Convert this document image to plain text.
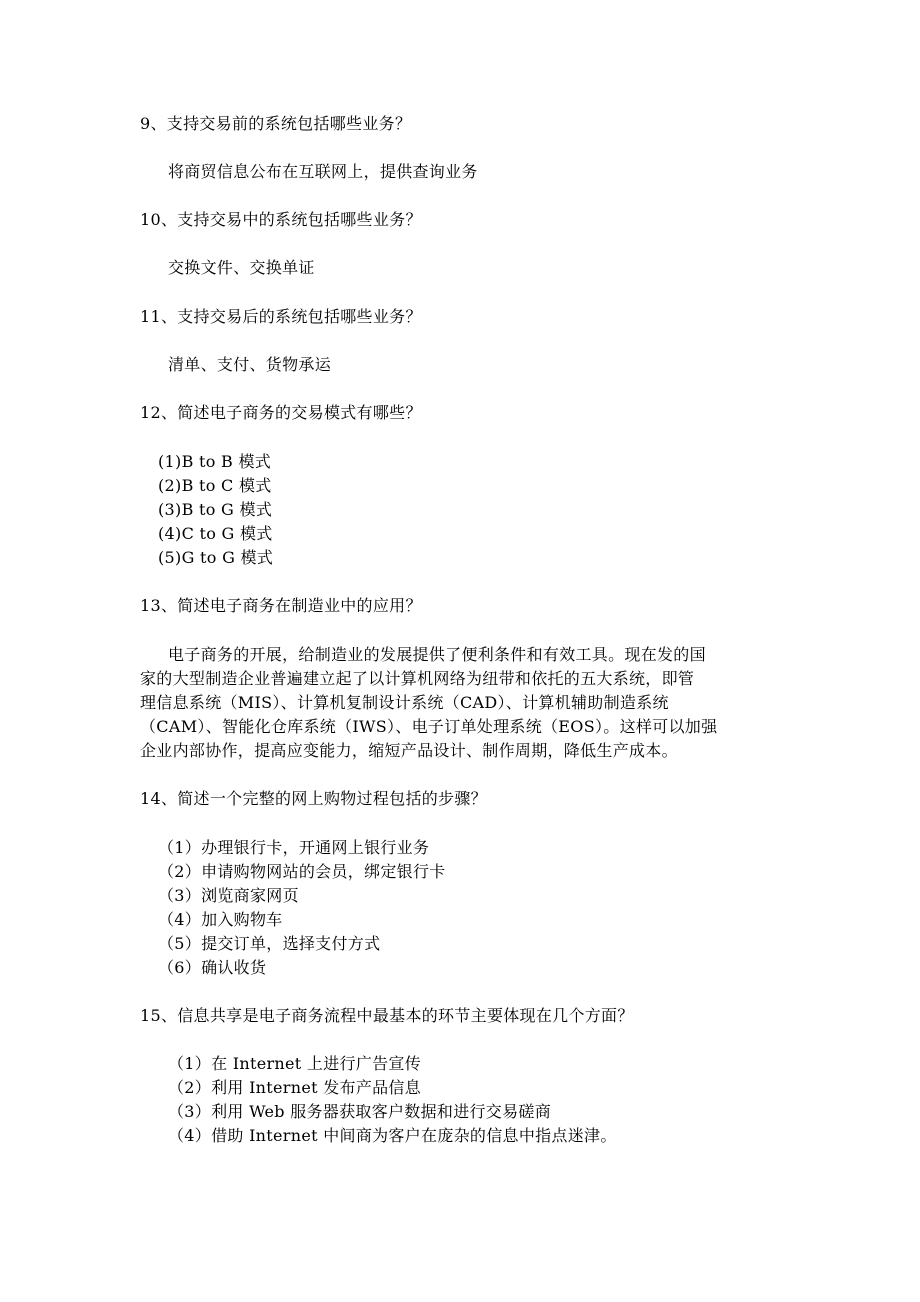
9、支持交易前的系统包括哪些业务？
将商贸信息公布在互联网上，提供查询业务
10、支持交易中的系统包括哪些业务？
交换文件、交换单证
11、支持交易后的系统包括哪些业务？
清单、支付、货物承运
12、简述电子商务的交易模式有哪些？
(1)B to B 模式
(2)B to C 模式
(3)B to G 模式
(4)C to G 模式
(5)G to G 模式
13、简述电子商务在制造业中的应用？
电子商务的开展，给制造业的发展提供了便利条件和有效工具。现在发的国
家的大型制造企业普遍建立起了以计算机网络为纽带和依托的五大系统，即管
理信息系统（MIS）、计算机复制设计系统（CAD）、计算机辅助制造系统
（CAM）、智能化仓库系统（IWS）、电子订单处理系统（EOS）。这样可以加强
企业内部协作，提高应变能力，缩短产品设计、制作周期，降低生产成本。
14、简述一个完整的网上购物过程包括的步骤？
（1）办理银行卡，开通网上银行业务
（2）申请购物网站的会员，绑定银行卡
（3）浏览商家网页
（4）加入购物车
（5）提交订单，选择支付方式
（6）确认收货
15、信息共享是电子商务流程中最基本的环节主要体现在几个方面？
（1）在 Internet 上进行广告宣传
（2）利用 Internet 发布产品信息
（3）利用 Web 服务器获取客户数据和进行交易磋商
（4）借助 Internet 中间商为客户在庞杂的信息中指点迷津。
